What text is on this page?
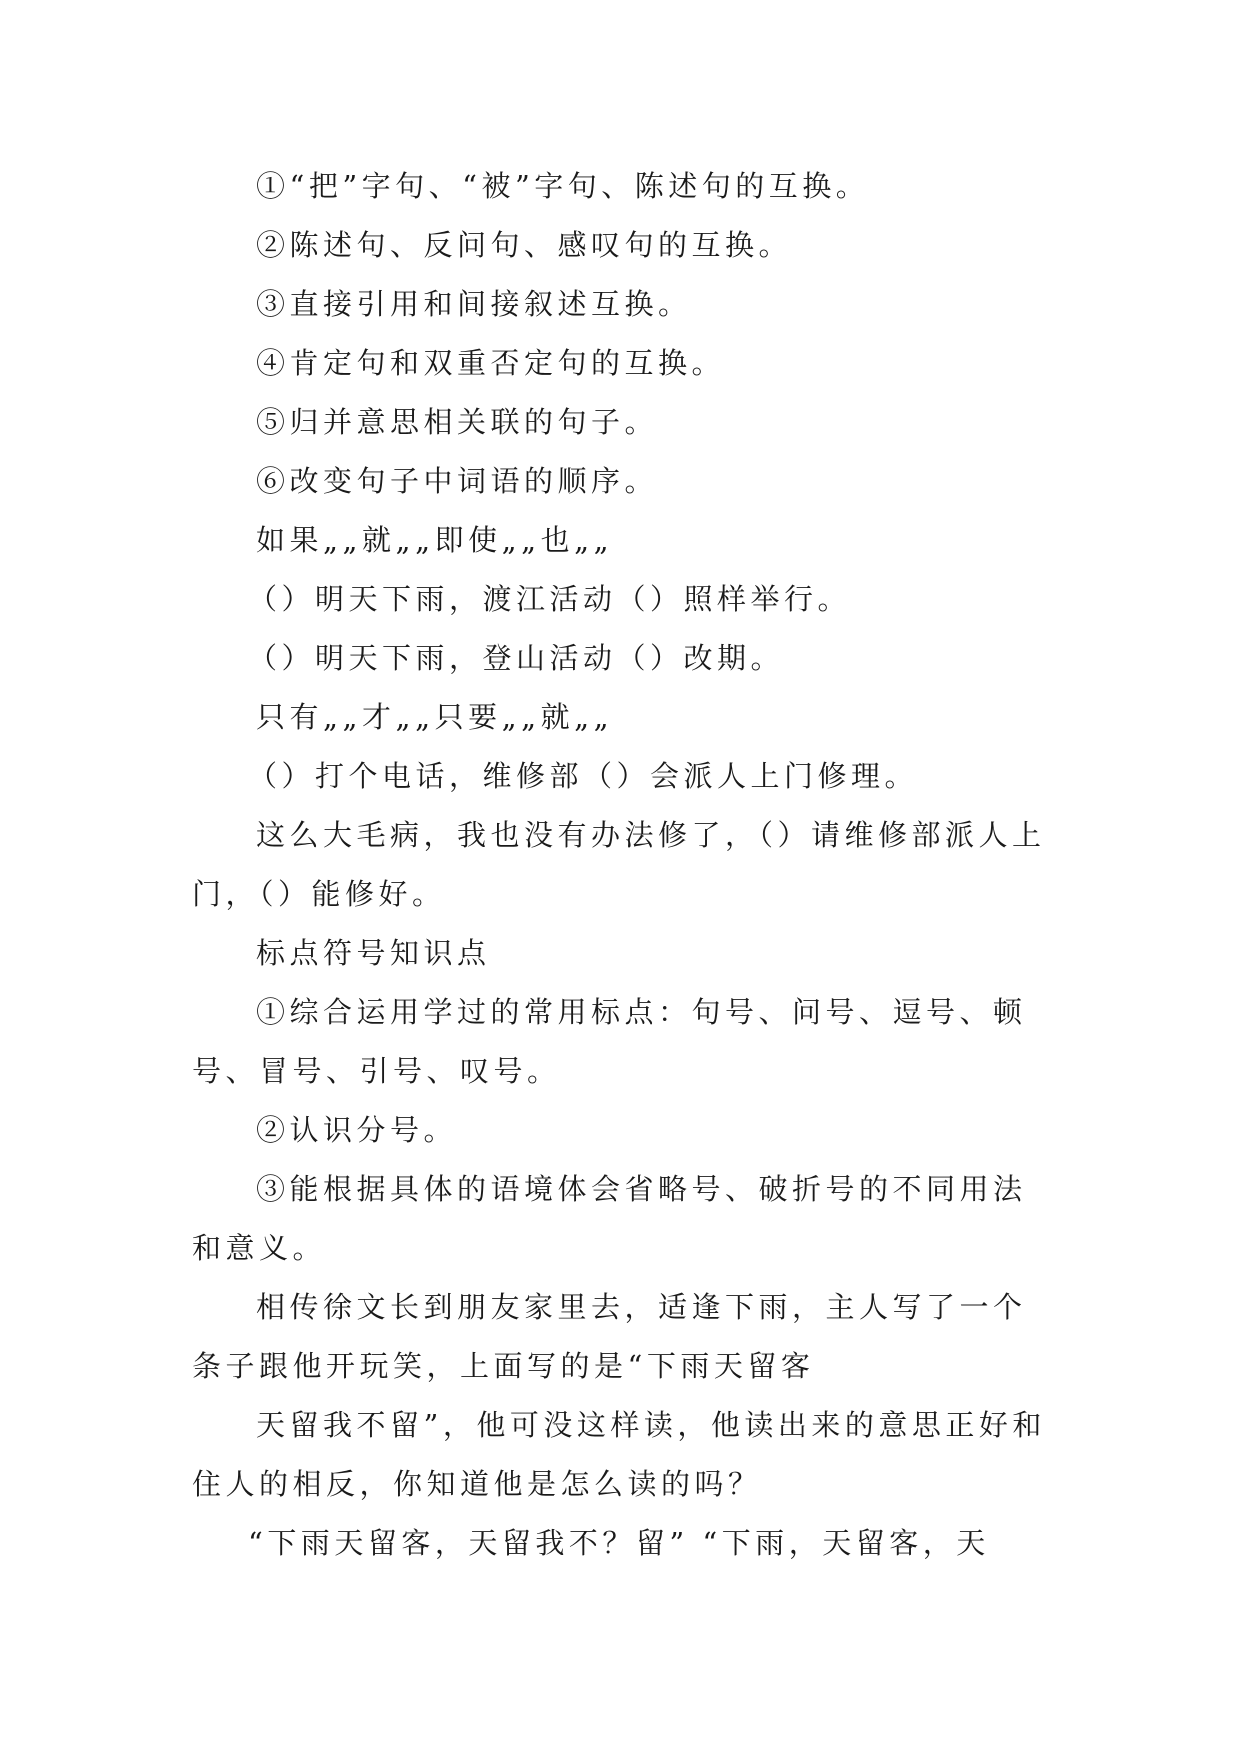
①“把”字句、“被”字句、陈述句的互换。

②陈述句、反问句、感叹句的互换。

③直接引用和间接叙述互换。

④肯定句和双重否定句的互换。

⑤归并意思相关联的句子。

⑥改变句子中词语的顺序。

如果„„就„„即使„„也„„

（）明天下雨，渡江活动（）照样举行。

（）明天下雨，登山活动（）改期。

只有„„才„„只要„„就„„

（）打个电话，维修部（）会派人上门修理。

这么大毛病，我也没有办法修了，（）请维修部派人上门，（）能修好。

标点符号知识点

①综合运用学过的常用标点：句号、问号、逗号、顿号、冒号、引号、叹号。

②认识分号。

③能根据具体的语境体会省略号、破折号的不同用法和意义。

相传徐文长到朋友家里去，适逢下雨，主人写了一个条子跟他开玩笑，上面写的是“下雨天留客

天留我不留”，他可没这样读，他读出来的意思正好和住人的相反，你知道他是怎么读的吗？

“下雨天留客，天留我不？留” “下雨，天留客，天
